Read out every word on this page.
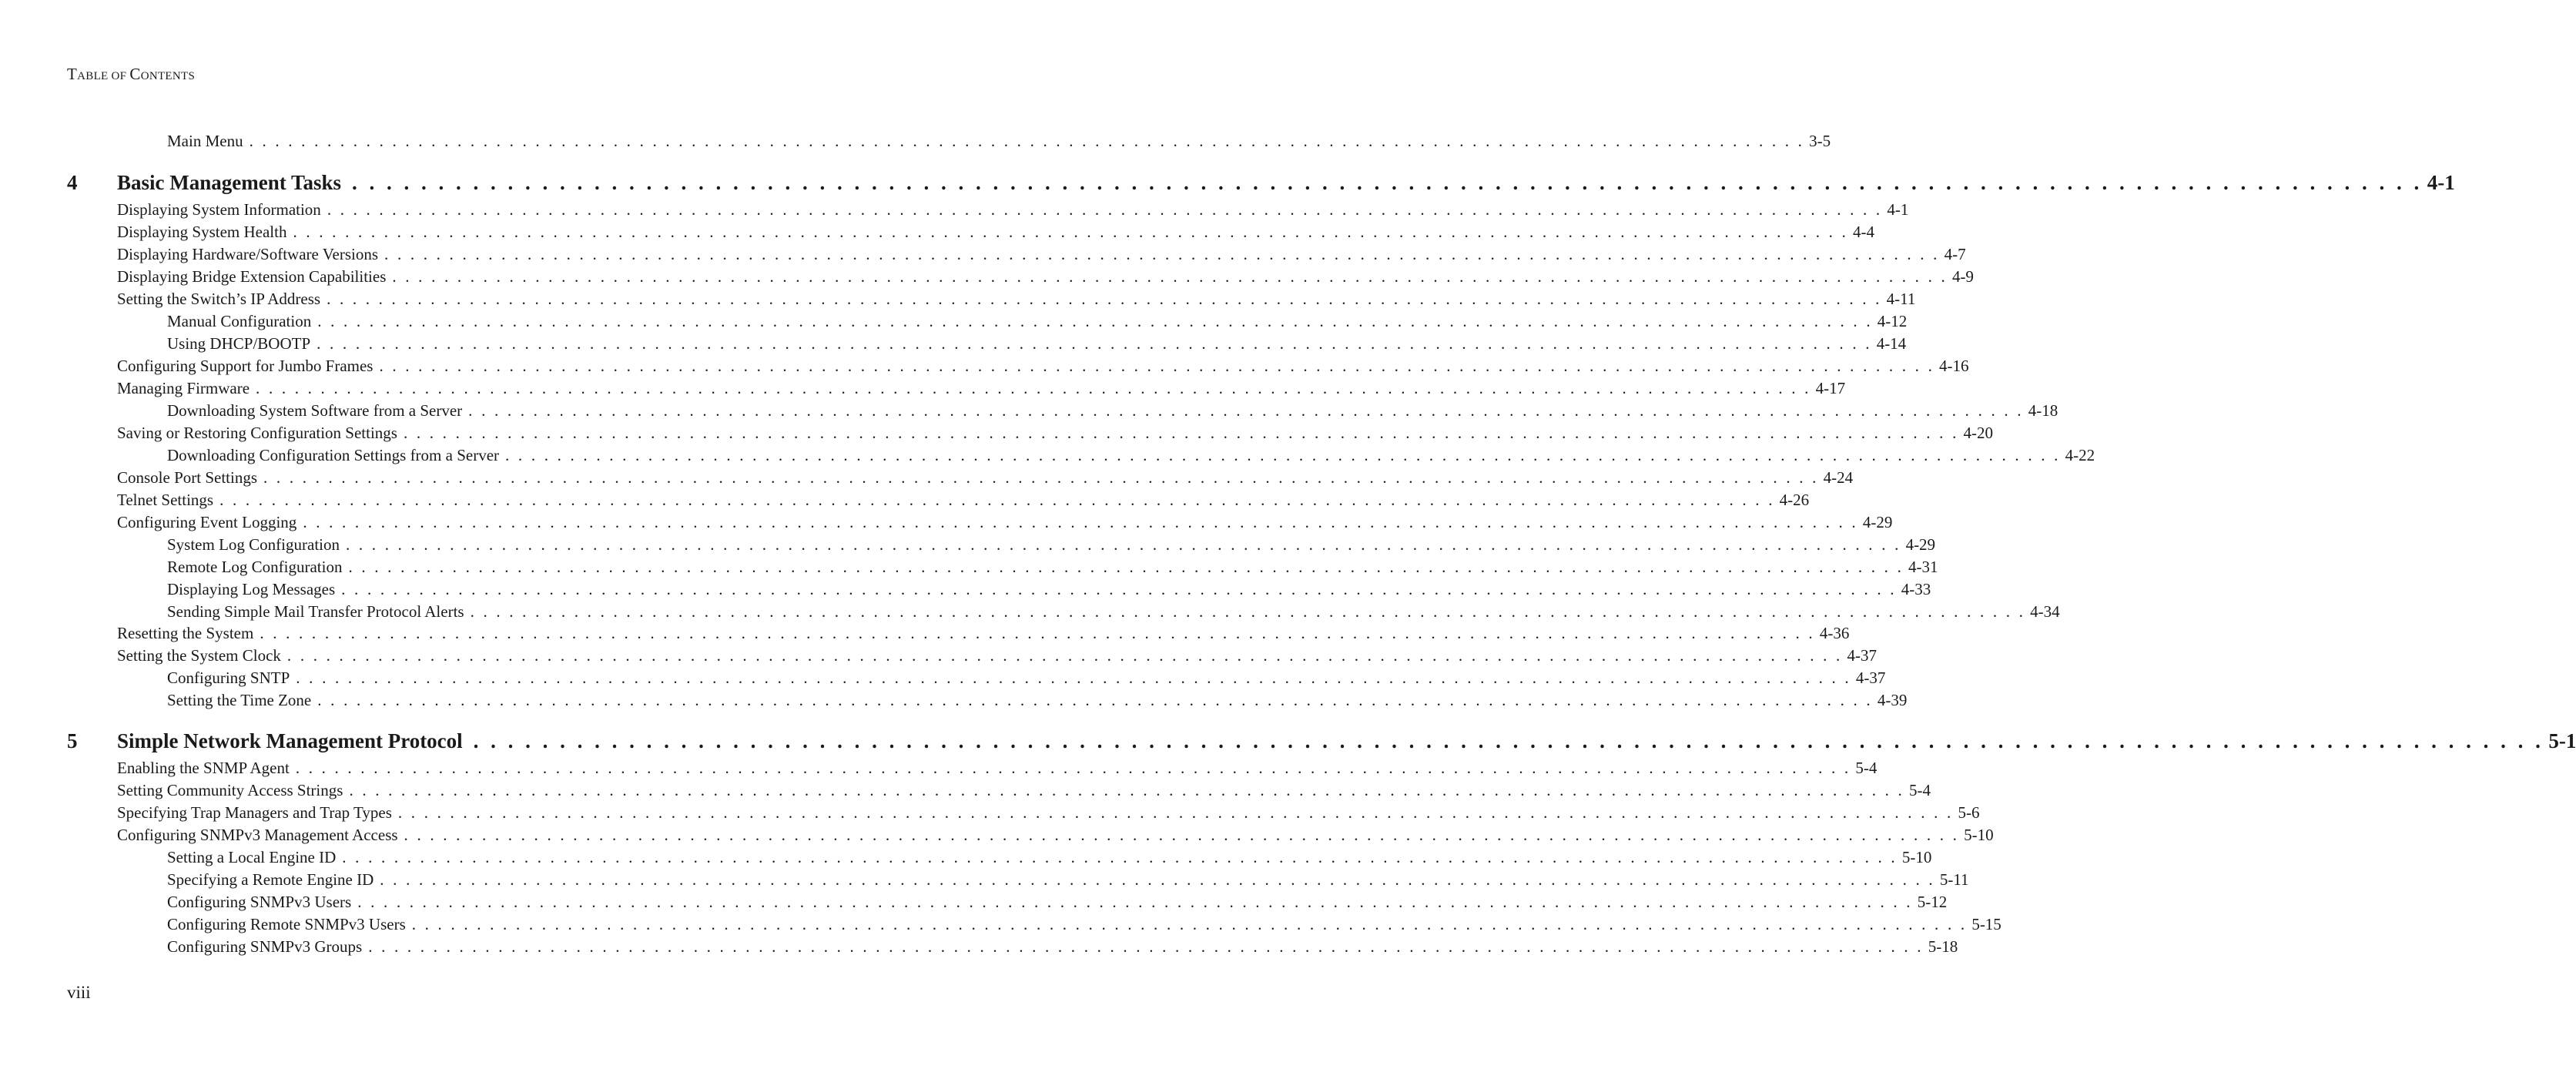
TABLE OF CONTENTS
Main Menu . . . . . . . . . . . . . . . . . . . . . . . . . . . . . . . . . . . . . . . . . . . . . . . . . . . . . . . . . . . . . . . . . . . . . . . . . . . . . . . . . . . . . . . . . . . . . . . . . . . . . . . . . . . . . . . . . . . . . . . . 3-5
4	Basic Management Tasks . . . . . . . . . . . . . . . . . . . . . . . . . . . . . . . . . . . . . . . . . . . . . . . . . . . . . . . . . . . . . . . . . . . . . . . . . . . . . . . . . . . . . . . . . . . . . . . . . . . . . . . . . . . . . . . . . . . . . . . . 4-1
Displaying System Information . . . . . . . . . . . . . . . . . . . . . . . . . . . . . . . . . . . . . . . . . . . . . . . . . . . . . . . . . . . . . . . . . . . . . . . . . . . . . . . . . . . . . . . . . . . . . . . . . . . . . . . . . . . . . . . . . . . . . . . . 4-1
Displaying System Health . . . . . . . . . . . . . . . . . . . . . . . . . . . . . . . . . . . . . . . . . . . . . . . . . . . . . . . . . . . . . . . . . . . . . . . . . . . . . . . . . . . . . . . . . . . . . . . . . . . . . . . . . . . . . . . . . . . . . . . . 4-4
Displaying Hardware/Software Versions . . . . . . . . . . . . . . . . . . . . . . . . . . . . . . . . . . . . . . . . . . . . . . . . . . . . . . . . . . . . . . . . . . . . . . . . . . . . . . . . . . . . . . . . . . . . . . . . . . . . . . . . . . . . . . . . . . . . . . . . 4-7
Displaying Bridge Extension Capabilities . . . . . . . . . . . . . . . . . . . . . . . . . . . . . . . . . . . . . . . . . . . . . . . . . . . . . . . . . . . . . . . . . . . . . . . . . . . . . . . . . . . . . . . . . . . . . . . . . . . . . . . . . . . . . . . . . . . . . . . . 4-9
Setting the Switch’s IP Address . . . . . . . . . . . . . . . . . . . . . . . . . . . . . . . . . . . . . . . . . . . . . . . . . . . . . . . . . . . . . . . . . . . . . . . . . . . . . . . . . . . . . . . . . . . . . . . . . . . . . . . . . . . . . . . . . . . . . . . . 4-11
Manual Configuration . . . . . . . . . . . . . . . . . . . . . . . . . . . . . . . . . . . . . . . . . . . . . . . . . . . . . . . . . . . . . . . . . . . . . . . . . . . . . . . . . . . . . . . . . . . . . . . . . . . . . . . . . . . . . . . . . . . . . . . . 4-12
Using DHCP/BOOTP . . . . . . . . . . . . . . . . . . . . . . . . . . . . . . . . . . . . . . . . . . . . . . . . . . . . . . . . . . . . . . . . . . . . . . . . . . . . . . . . . . . . . . . . . . . . . . . . . . . . . . . . . . . . . . . . . . . . . . . . 4-14
Configuring Support for Jumbo Frames . . . . . . . . . . . . . . . . . . . . . . . . . . . . . . . . . . . . . . . . . . . . . . . . . . . . . . . . . . . . . . . . . . . . . . . . . . . . . . . . . . . . . . . . . . . . . . . . . . . . . . . . . . . . . . . . . . . . . . . . 4-16
Managing Firmware . . . . . . . . . . . . . . . . . . . . . . . . . . . . . . . . . . . . . . . . . . . . . . . . . . . . . . . . . . . . . . . . . . . . . . . . . . . . . . . . . . . . . . . . . . . . . . . . . . . . . . . . . . . . . . . . . . . . . . . . 4-17
Downloading System Software from a Server . . . . . . . . . . . . . . . . . . . . . . . . . . . . . . . . . . . . . . . . . . . . . . . . . . . . . . . . . . . . . . . . . . . . . . . . . . . . . . . . . . . . . . . . . . . . . . . . . . . . . . . . . . . . . . . . . . . . . . . . 4-18
Saving or Restoring Configuration Settings . . . . . . . . . . . . . . . . . . . . . . . . . . . . . . . . . . . . . . . . . . . . . . . . . . . . . . . . . . . . . . . . . . . . . . . . . . . . . . . . . . . . . . . . . . . . . . . . . . . . . . . . . . . . . . . . . . . . . . . . 4-20
Downloading Configuration Settings from a Server . . . . . . . . . . . . . . . . . . . . . . . . . . . . . . . . . . . . . . . . . . . . . . . . . . . . . . . . . . . . . . . . . . . . . . . . . . . . . . . . . . . . . . . . . . . . . . . . . . . . . . . . . . . . . . . . . . . . . . . . 4-22
Console Port Settings . . . . . . . . . . . . . . . . . . . . . . . . . . . . . . . . . . . . . . . . . . . . . . . . . . . . . . . . . . . . . . . . . . . . . . . . . . . . . . . . . . . . . . . . . . . . . . . . . . . . . . . . . . . . . . . . . . . . . . . . 4-24
Telnet Settings . . . . . . . . . . . . . . . . . . . . . . . . . . . . . . . . . . . . . . . . . . . . . . . . . . . . . . . . . . . . . . . . . . . . . . . . . . . . . . . . . . . . . . . . . . . . . . . . . . . . . . . . . . . . . . . . . . . . . . . . 4-26
Configuring Event Logging . . . . . . . . . . . . . . . . . . . . . . . . . . . . . . . . . . . . . . . . . . . . . . . . . . . . . . . . . . . . . . . . . . . . . . . . . . . . . . . . . . . . . . . . . . . . . . . . . . . . . . . . . . . . . . . . . . . . . . . . 4-29
System Log Configuration . . . . . . . . . . . . . . . . . . . . . . . . . . . . . . . . . . . . . . . . . . . . . . . . . . . . . . . . . . . . . . . . . . . . . . . . . . . . . . . . . . . . . . . . . . . . . . . . . . . . . . . . . . . . . . . . . . . . . . . . 4-29
Remote Log Configuration . . . . . . . . . . . . . . . . . . . . . . . . . . . . . . . . . . . . . . . . . . . . . . . . . . . . . . . . . . . . . . . . . . . . . . . . . . . . . . . . . . . . . . . . . . . . . . . . . . . . . . . . . . . . . . . . . . . . . . . . 4-31
Displaying Log Messages . . . . . . . . . . . . . . . . . . . . . . . . . . . . . . . . . . . . . . . . . . . . . . . . . . . . . . . . . . . . . . . . . . . . . . . . . . . . . . . . . . . . . . . . . . . . . . . . . . . . . . . . . . . . . . . . . . . . . . . . 4-33
Sending Simple Mail Transfer Protocol Alerts . . . . . . . . . . . . . . . . . . . . . . . . . . . . . . . . . . . . . . . . . . . . . . . . . . . . . . . . . . . . . . . . . . . . . . . . . . . . . . . . . . . . . . . . . . . . . . . . . . . . . . . . . . . . . . . . . . . . . . . . 4-34
Resetting the System . . . . . . . . . . . . . . . . . . . . . . . . . . . . . . . . . . . . . . . . . . . . . . . . . . . . . . . . . . . . . . . . . . . . . . . . . . . . . . . . . . . . . . . . . . . . . . . . . . . . . . . . . . . . . . . . . . . . . . . . 4-36
Setting the System Clock . . . . . . . . . . . . . . . . . . . . . . . . . . . . . . . . . . . . . . . . . . . . . . . . . . . . . . . . . . . . . . . . . . . . . . . . . . . . . . . . . . . . . . . . . . . . . . . . . . . . . . . . . . . . . . . . . . . . . . . . 4-37
Configuring SNTP . . . . . . . . . . . . . . . . . . . . . . . . . . . . . . . . . . . . . . . . . . . . . . . . . . . . . . . . . . . . . . . . . . . . . . . . . . . . . . . . . . . . . . . . . . . . . . . . . . . . . . . . . . . . . . . . . . . . . . . . 4-37
Setting the Time Zone . . . . . . . . . . . . . . . . . . . . . . . . . . . . . . . . . . . . . . . . . . . . . . . . . . . . . . . . . . . . . . . . . . . . . . . . . . . . . . . . . . . . . . . . . . . . . . . . . . . . . . . . . . . . . . . . . . . . . . . . 4-39
5	Simple Network Management Protocol . . . . . . . . . . . . . . . . . . . . . . . . . . . . . . . . . . . . . . . . . . . . . . . . . . . . . . . . . . . . . . . . . . . . . . . . . . . . . . . . . . . . . . . . . . . . . . . . . . . . . . . . . . . . . . . . . . . . . . . . 5-1
Enabling the SNMP Agent . . . . . . . . . . . . . . . . . . . . . . . . . . . . . . . . . . . . . . . . . . . . . . . . . . . . . . . . . . . . . . . . . . . . . . . . . . . . . . . . . . . . . . . . . . . . . . . . . . . . . . . . . . . . . . . . . . . . . . . . 5-4
Setting Community Access Strings . . . . . . . . . . . . . . . . . . . . . . . . . . . . . . . . . . . . . . . . . . . . . . . . . . . . . . . . . . . . . . . . . . . . . . . . . . . . . . . . . . . . . . . . . . . . . . . . . . . . . . . . . . . . . . . . . . . . . . . . 5-4
Specifying Trap Managers and Trap Types . . . . . . . . . . . . . . . . . . . . . . . . . . . . . . . . . . . . . . . . . . . . . . . . . . . . . . . . . . . . . . . . . . . . . . . . . . . . . . . . . . . . . . . . . . . . . . . . . . . . . . . . . . . . . . . . . . . . . . . . 5-6
Configuring SNMPv3 Management Access . . . . . . . . . . . . . . . . . . . . . . . . . . . . . . . . . . . . . . . . . . . . . . . . . . . . . . . . . . . . . . . . . . . . . . . . . . . . . . . . . . . . . . . . . . . . . . . . . . . . . . . . . . . . . . . . . . . . . . . . 5-10
Setting a Local Engine ID . . . . . . . . . . . . . . . . . . . . . . . . . . . . . . . . . . . . . . . . . . . . . . . . . . . . . . . . . . . . . . . . . . . . . . . . . . . . . . . . . . . . . . . . . . . . . . . . . . . . . . . . . . . . . . . . . . . . . . . . 5-10
Specifying a Remote Engine ID . . . . . . . . . . . . . . . . . . . . . . . . . . . . . . . . . . . . . . . . . . . . . . . . . . . . . . . . . . . . . . . . . . . . . . . . . . . . . . . . . . . . . . . . . . . . . . . . . . . . . . . . . . . . . . . . . . . . . . . . 5-11
Configuring SNMPv3 Users . . . . . . . . . . . . . . . . . . . . . . . . . . . . . . . . . . . . . . . . . . . . . . . . . . . . . . . . . . . . . . . . . . . . . . . . . . . . . . . . . . . . . . . . . . . . . . . . . . . . . . . . . . . . . . . . . . . . . . . . 5-12
Configuring Remote SNMPv3 Users . . . . . . . . . . . . . . . . . . . . . . . . . . . . . . . . . . . . . . . . . . . . . . . . . . . . . . . . . . . . . . . . . . . . . . . . . . . . . . . . . . . . . . . . . . . . . . . . . . . . . . . . . . . . . . . . . . . . . . . . 5-15
Configuring SNMPv3 Groups . . . . . . . . . . . . . . . . . . . . . . . . . . . . . . . . . . . . . . . . . . . . . . . . . . . . . . . . . . . . . . . . . . . . . . . . . . . . . . . . . . . . . . . . . . . . . . . . . . . . . . . . . . . . . . . . . . . . . . . . 5-18
viii
